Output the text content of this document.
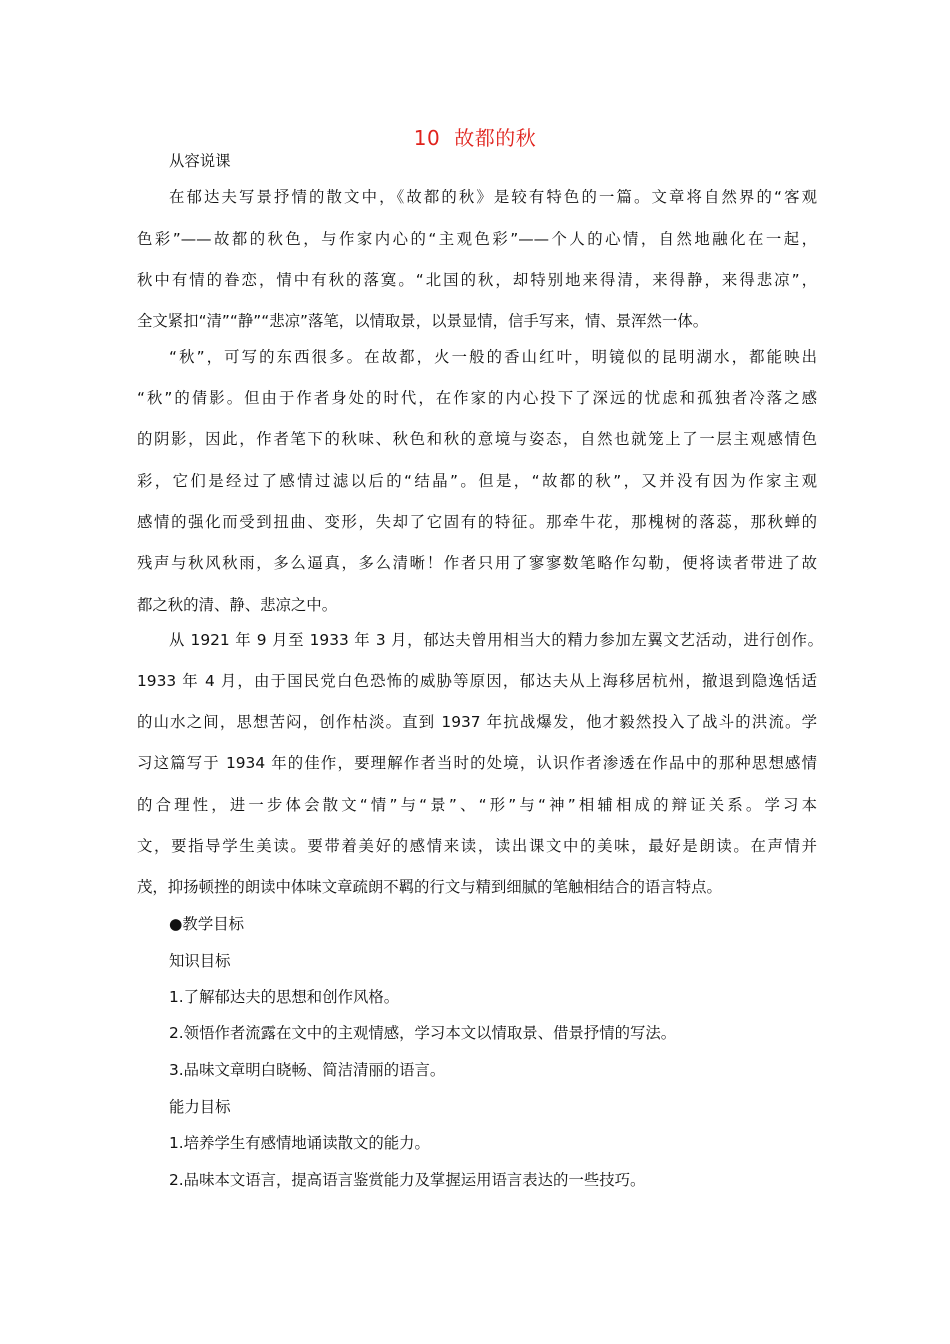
10 故都的秋
从容说课
在郁达夫写景抒情的散文中，《故都的秋》是较有特色的一篇。文章将自然界的“客观
色彩”——故都的秋色，与作家内心的“主观色彩”——个人的心情，自然地融化在一起，
秋中有情的眷恋，情中有秋的落寞。“北国的秋，却特别地来得清，来得静，来得悲凉”，
全文紧扣“清”“静”“悲凉”落笔，以情取景，以景显情，信手写来，情、景浑然一体。
“秋”，可写的东西很多。在故都，火一般的香山红叶，明镜似的昆明湖水，都能映出
“秋”的倩影。但由于作者身处的时代，在作家的内心投下了深远的忧虑和孤独者冷落之感
的阴影，因此，作者笔下的秋味、秋色和秋的意境与姿态，自然也就笼上了一层主观感情色
彩，它们是经过了感情过滤以后的“结晶”。但是，“故都的秋”，又并没有因为作家主观
感情的强化而受到扭曲、变形，失却了它固有的特征。那牵牛花，那槐树的落蕊，那秋蝉的
残声与秋风秋雨，多么逼真，多么清晰！作者只用了寥寥数笔略作勾勒，便将读者带进了故
都之秋的清、静、悲凉之中。
从 1921 年 9 月至 1933 年 3 月，郁达夫曾用相当大的精力参加左翼文艺活动，进行创作。
1933 年 4 月，由于国民党白色恐怖的威胁等原因，郁达夫从上海移居杭州，撤退到隐逸恬适
的山水之间，思想苦闷，创作枯淡。直到 1937 年抗战爆发，他才毅然投入了战斗的洪流。学
习这篇写于 1934 年的佳作，要理解作者当时的处境，认识作者渗透在作品中的那种思想感情
的合理性，进一步体会散文“情”与“景”、“形”与“神”相辅相成的辩证关系。学习本
文，要指导学生美读。要带着美好的感情来读，读出课文中的美味，最好是朗读。在声情并
茂，抑扬顿挫的朗读中体味文章疏朗不羁的行文与精到细腻的笔触相结合的语言特点。
●教学目标
知识目标
1.了解郁达夫的思想和创作风格。
2.领悟作者流露在文中的主观情感，学习本文以情取景、借景抒情的写法。
3.品味文章明白晓畅、简洁清丽的语言。
能力目标
1.培养学生有感情地诵读散文的能力。
2.品味本文语言，提高语言鉴赏能力及掌握运用语言表达的一些技巧。
